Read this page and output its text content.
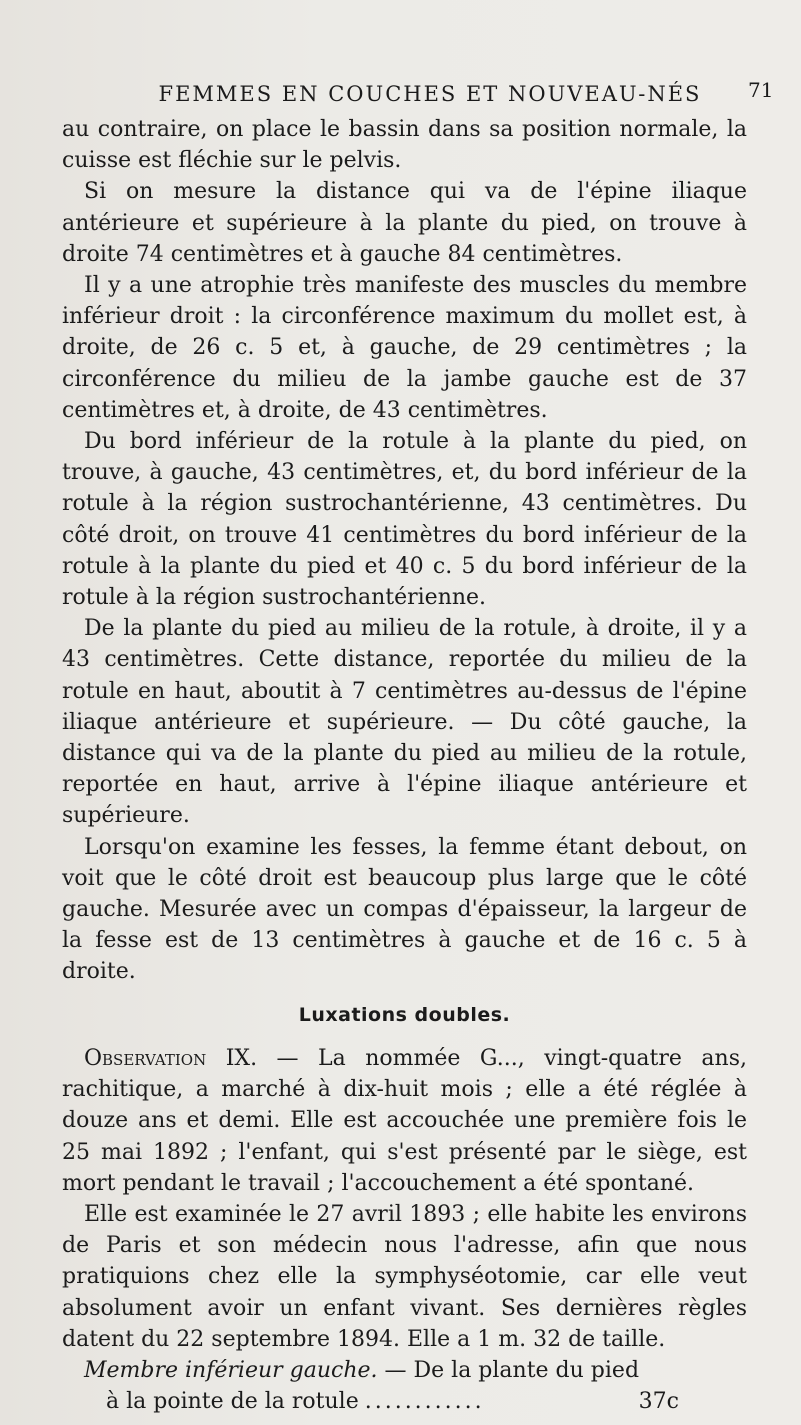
FEMMES EN COUCHES ET NOUVEAU-NÉS	71

au contraire, on place le bassin dans sa position normale, la cuisse est fléchie sur le pelvis.

Si on mesure la distance qui va de l'épine iliaque antérieure et supérieure à la plante du pied, on trouve à droite 74 centimètres et à gauche 84 centimètres.

Il y a une atrophie très manifeste des muscles du membre inférieur droit : la circonférence maximum du mollet est, à droite, de 26 c. 5 et, à gauche, de 29 centimètres ; la circonférence du milieu de la jambe gauche est de 37 centimètres et, à droite, de 43 centimètres.

Du bord inférieur de la rotule à la plante du pied, on trouve, à gauche, 43 centimètres, et, du bord inférieur de la rotule à la région sustrochantérienne, 43 centimètres. Du côté droit, on trouve 41 centimètres du bord inférieur de la rotule à la plante du pied et 40 c. 5 du bord inférieur de la rotule à la région sustrochantérienne.

De la plante du pied au milieu de la rotule, à droite, il y a 43 centimètres. Cette distance, reportée du milieu de la rotule en haut, aboutit à 7 centimètres au-dessus de l'épine iliaque antérieure et supérieure. — Du côté gauche, la distance qui va de la plante du pied au milieu de la rotule, reportée en haut, arrive à l'épine iliaque antérieure et supérieure.

Lorsqu'on examine les fesses, la femme étant debout, on voit que le côté droit est beaucoup plus large que le côté gauche. Mesurée avec un compas d'épaisseur, la largeur de la fesse est de 13 centimètres à gauche et de 16 c. 5 à droite.

Luxations doubles.

Observation IX. — La nommée G..., vingt-quatre ans, rachitique, a marché à dix-huit mois ; elle a été réglée à douze ans et demi. Elle est accouchée une première fois le 25 mai 1892 ; l'enfant, qui s'est présenté par le siège, est mort pendant le travail ; l'accouchement a été spontané.

Elle est examinée le 27 avril 1893 ; elle habite les environs de Paris et son médecin nous l'adresse, afin que nous pratiquions chez elle la symphyséotomie, car elle veut absolument avoir un enfant vivant. Ses dernières règles datent du 22 septembre 1894. Elle a 1 m. 32 de taille.

Membre inférieur gauche. — De la plante du pied

à la pointe de la rotule ............	37c
